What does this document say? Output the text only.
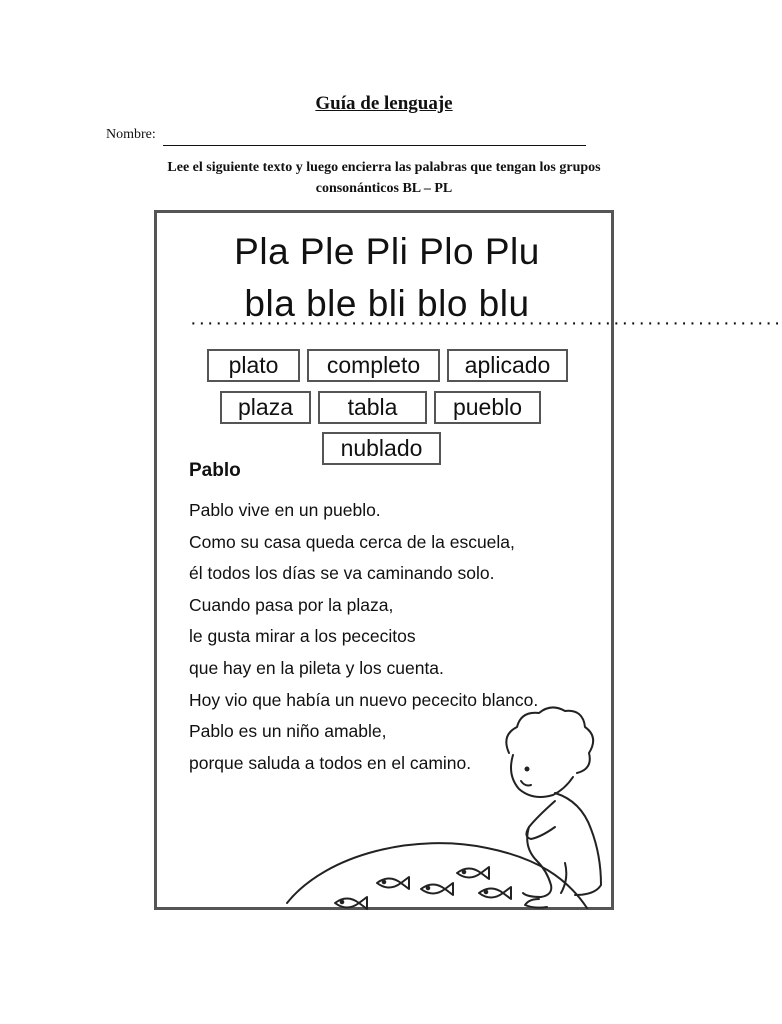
Guía de lenguaje
Nombre:
Lee el siguiente texto y luego encierra las palabras que tengan los grupos
consonánticos BL – PL
Pla Ple Pli Plo Plu
bla ble bli blo blu
······································································
plato	completo	aplicado
plaza	tabla	pueblo
nublado
Pablo
Pablo vive en un pueblo.
Como su casa queda cerca de la escuela,
él todos los días se va caminando solo.
Cuando pasa por la plaza,
le gusta mirar a los pececitos
que hay en la pileta y los cuenta.
Hoy vio que había un nuevo pececito blanco.
Pablo es un niño amable,
porque saluda a todos en el camino.
